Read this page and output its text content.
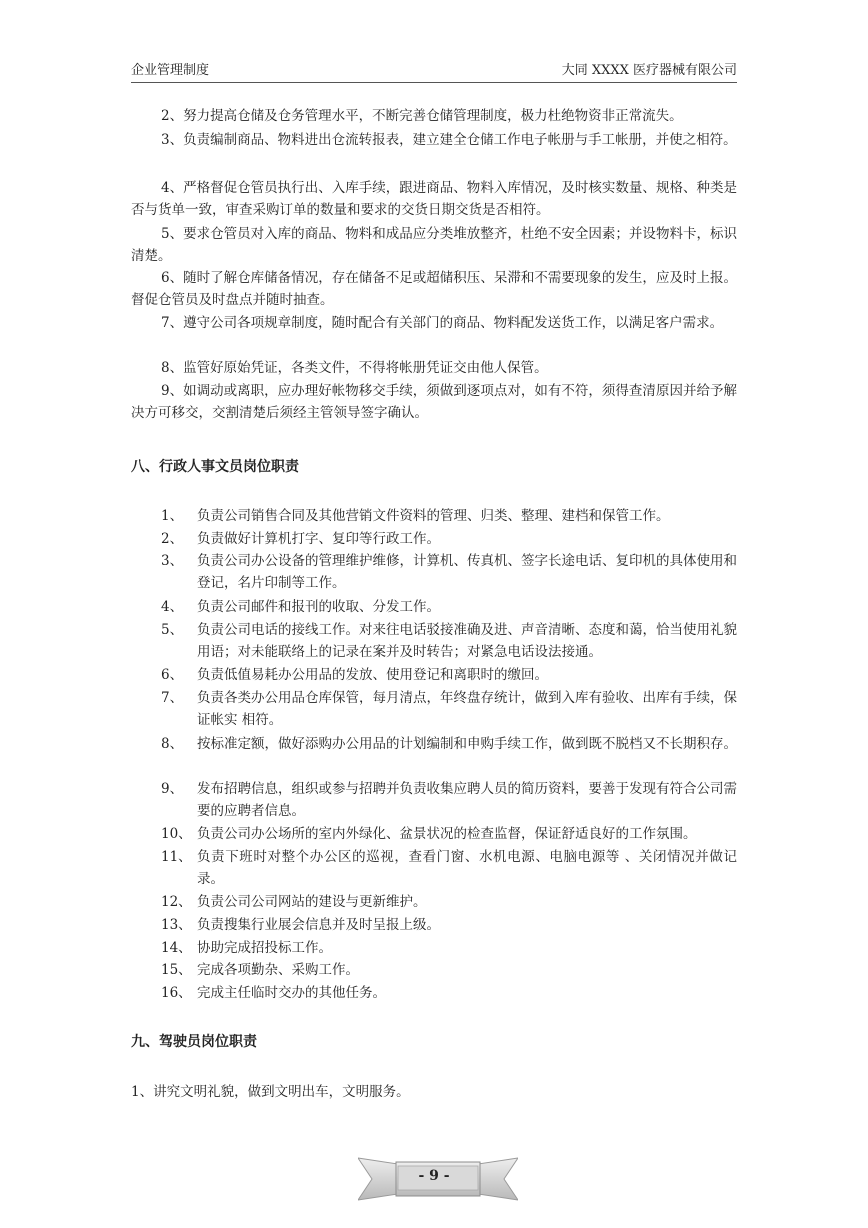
企业管理制度	大同 XXXX 医疗器械有限公司

2、努力提高仓储及仓务管理水平，不断完善仓储管理制度，极力杜绝物资非正常流失。

3、负责编制商品、物料进出仓流转报表，建立建全仓储工作电子帐册与手工帐册，并使之相符。

4、严格督促仓管员执行出、入库手续，跟进商品、物料入库情况，及时核实数量、规格、种类是否与货单一致，审查采购订单的数量和要求的交货日期交货是否相符。

5、要求仓管员对入库的商品、物料和成品应分类堆放整齐，杜绝不安全因素；并设物料卡，标识清楚。

6、随时了解仓库储备情况，存在储备不足或超储积压、呆滞和不需要现象的发生，应及时上报。督促仓管员及时盘点并随时抽查。

7、遵守公司各项规章制度，随时配合有关部门的商品、物料配发送货工作，以满足客户需求。

8、监管好原始凭证，各类文件，不得将帐册凭证交由他人保管。

9、如调动或离职，应办理好帐物移交手续，须做到逐项点对，如有不符，须得查清原因并给予解决方可移交，交割清楚后须经主管领导签字确认。

八、行政人事文员岗位职责
1、 负责公司销售合同及其他营销文件资料的管理、归类、整理、建档和保管工作。
2、 负责做好计算机打字、复印等行政工作。
3、 负责公司办公设备的管理维护维修，计算机、传真机、签字长途电话、复印机的具体使用和登记，名片印制等工作。
4、 负责公司邮件和报刊的收取、分发工作。
5、 负责公司电话的接线工作。对来往电话驳接准确及进、声音清晰、态度和蔼，恰当使用礼貌用语；对未能联络上的记录在案并及时转告；对紧急电话设法接通。
6、 负责低值易耗办公用品的发放、使用登记和离职时的缴回。
7、 负责各类办公用品仓库保管，每月清点，年终盘存统计，做到入库有验收、出库有手续，保证帐实 相符。
8、 按标准定额，做好添购办公用品的计划编制和申购手续工作，做到既不脱档又不长期积存。
9、 发布招聘信息，组织或参与招聘并负责收集应聘人员的简历资料，要善于发现有符合公司需要的应聘者信息。
10、 负责公司办公场所的室内外绿化、盆景状况的检查监督，保证舒适良好的工作氛围。
11、 负责下班时对整个办公区的巡视，查看门窗、水机电源、电脑电源等 、关闭情况并做记录。
12、 负责公司公司网站的建设与更新维护。
13、 负责搜集行业展会信息并及时呈报上级。
14、 协助完成招投标工作。
15、 完成各项勤杂、采购工作。
16、 完成主任临时交办的其他任务。
九、驾驶员岗位职责

1、讲究文明礼貌，做到文明出车，文明服务。

- 9 -
